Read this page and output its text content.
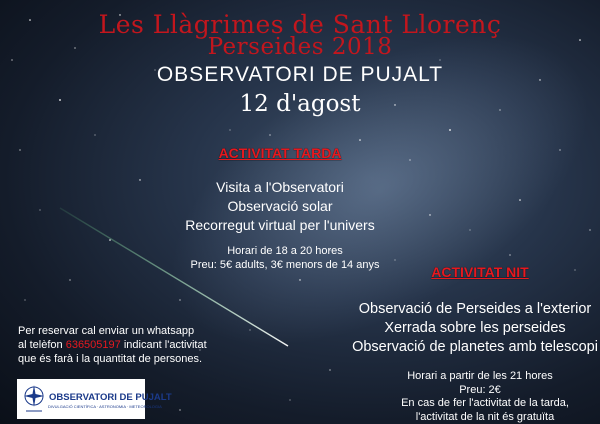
Les Llàgrimes de Sant Llorenç
Perseides 2018
OBSERVATORI DE PUJALT
12 d'agost
ACTIVITAT TARDA
Visita a l'Observatori
Observació solar
Recorregut virtual per l'univers
Horari de 18 a 20 hores
Preu: 5€ adults, 3€ menors de 14 anys	ACTIVITAT NIT
Observació de Perseides a l'exterior
Xerrada sobre les perseides
Observació de planetes amb telescopi
Horari a partir de les 21 hores
Preu: 2€
En cas de fer l'activitat de la tarda,
l'activitat de la nit és gratuïta
Per reservar cal enviar un whatsapp
al telèfon 636505197 indicant l'activitat
que és farà i la quantitat de persones.
OBSERVATORI DE PUJALT
DIVULGACIÓ CIENTÍFICA · ASTRONOMIA · METEOROLOGIA
